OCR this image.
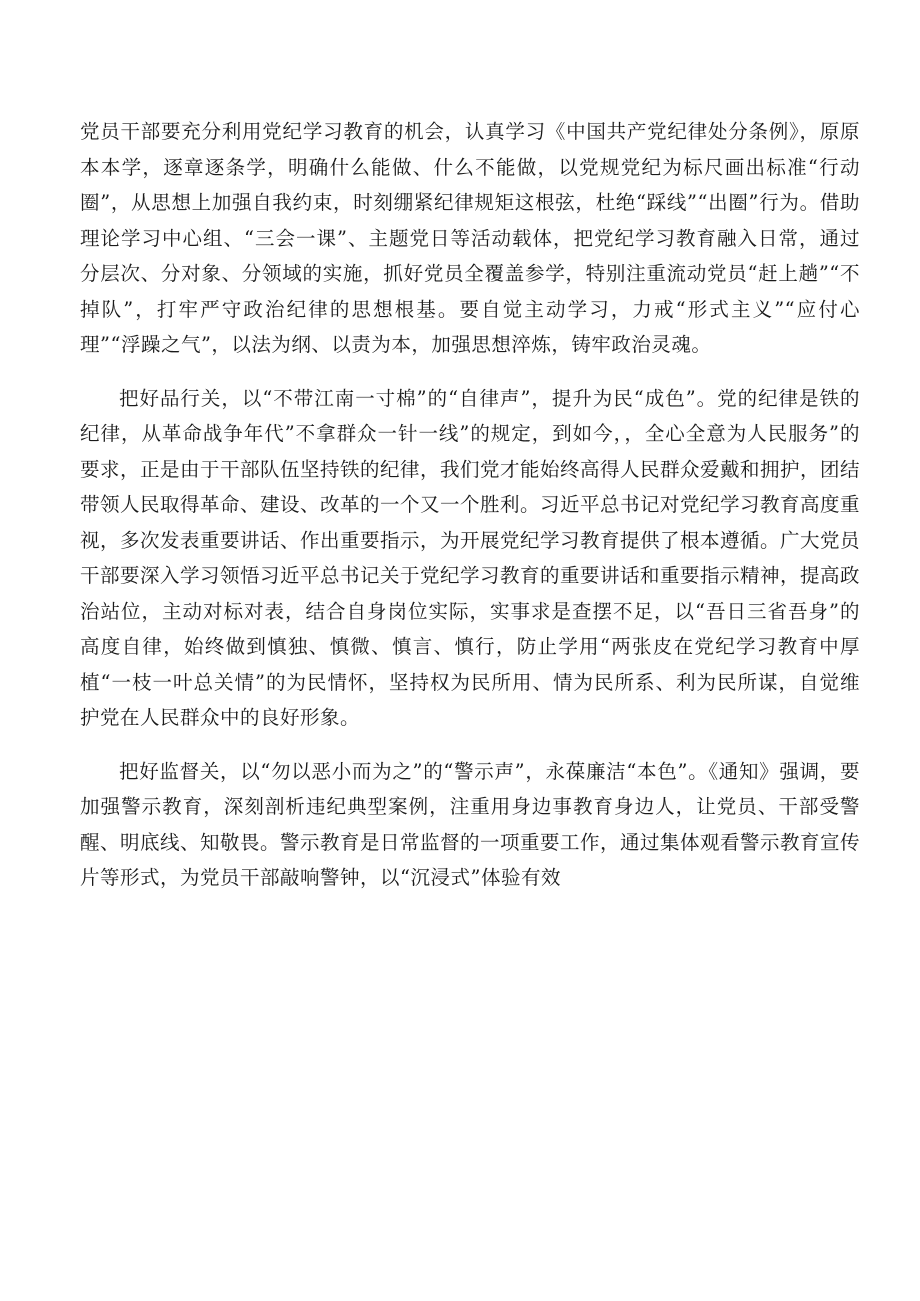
党员干部要充分利用党纪学习教育的机会，认真学习《中国共产党纪律处分条例》，原原本本学，逐章逐条学，明确什么能做、什么不能做，以党规党纪为标尺画出标准“行动圈”，从思想上加强自我约束，时刻绷紧纪律规矩这根弦，杜绝“踩线”“出圈”行为。借助理论学习中心组、“三会一课”、主题党日等活动载体，把党纪学习教育融入日常，通过分层次、分对象、分领域的实施，抓好党员全覆盖参学，特别注重流动党员“赶上趟”“不掉队”，打牢严守政治纪律的思想根基。要自觉主动学习，力戒“形式主义”“应付心理”“浮躁之气”，以法为纲、以责为本，加强思想淬炼，铸牢政治灵魂。

把好品行关，以“不带江南一寸棉”的“自律声”，提升为民“成色”。党的纪律是铁的纪律，从革命战争年代”不拿群众一针一线”的规定，到如今，，全心全意为人民服务”的要求，正是由于干部队伍坚持铁的纪律，我们党才能始终高得人民群众爱戴和拥护，团结带领人民取得革命、建设、改革的一个又一个胜利。习近平总书记对党纪学习教育高度重视，多次发表重要讲话、作出重要指示，为开展党纪学习教育提供了根本遵循。广大党员干部要深入学习领悟习近平总书记关于党纪学习教育的重要讲话和重要指示精神，提高政治站位，主动对标对表，结合自身岗位实际，实事求是查摆不足，以“吾日三省吾身”的高度自律，始终做到慎独、慎微、慎言、慎行，防止学用“两张皮在党纪学习教育中厚植“一枝一叶总关情”的为民情怀，坚持权为民所用、情为民所系、利为民所谋，自觉维护党在人民群众中的良好形象。

把好监督关，以“勿以恶小而为之”的“警示声”，永葆廉洁“本色”。《通知》强调，要加强警示教育，深刻剖析违纪典型案例，注重用身边事教育身边人，让党员、干部受警醒、明底线、知敬畏。警示教育是日常监督的一项重要工作，通过集体观看警示教育宣传片等形式，为党员干部敲响警钟，以“沉浸式”体验有效
